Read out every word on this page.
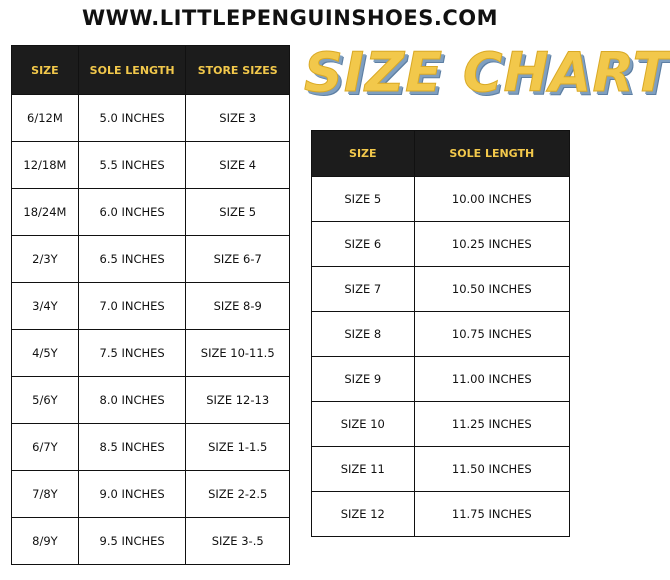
WWW.LITTLEPENGUINSHOES.COM
SIZE CHART
SIZE	SOLE LENGTH	STORE SIZES
6/12M	5.0 INCHES	SIZE 3
12/18M	5.5 INCHES	SIZE 4
18/24M	6.0 INCHES	SIZE 5
2/3Y	6.5 INCHES	SIZE 6-7
3/4Y	7.0 INCHES	SIZE 8-9
4/5Y	7.5 INCHES	SIZE 10-11.5
5/6Y	8.0 INCHES	SIZE 12-13
6/7Y	8.5 INCHES	SIZE 1-1.5
7/8Y	9.0 INCHES	SIZE 2-2.5
8/9Y	9.5 INCHES	SIZE 3-.5
SIZE	SOLE LENGTH
SIZE 5	10.00 INCHES
SIZE 6	10.25 INCHES
SIZE 7	10.50 INCHES
SIZE 8	10.75 INCHES
SIZE 9	11.00 INCHES
SIZE 10	11.25 INCHES
SIZE 11	11.50 INCHES
SIZE 12	11.75 INCHES
